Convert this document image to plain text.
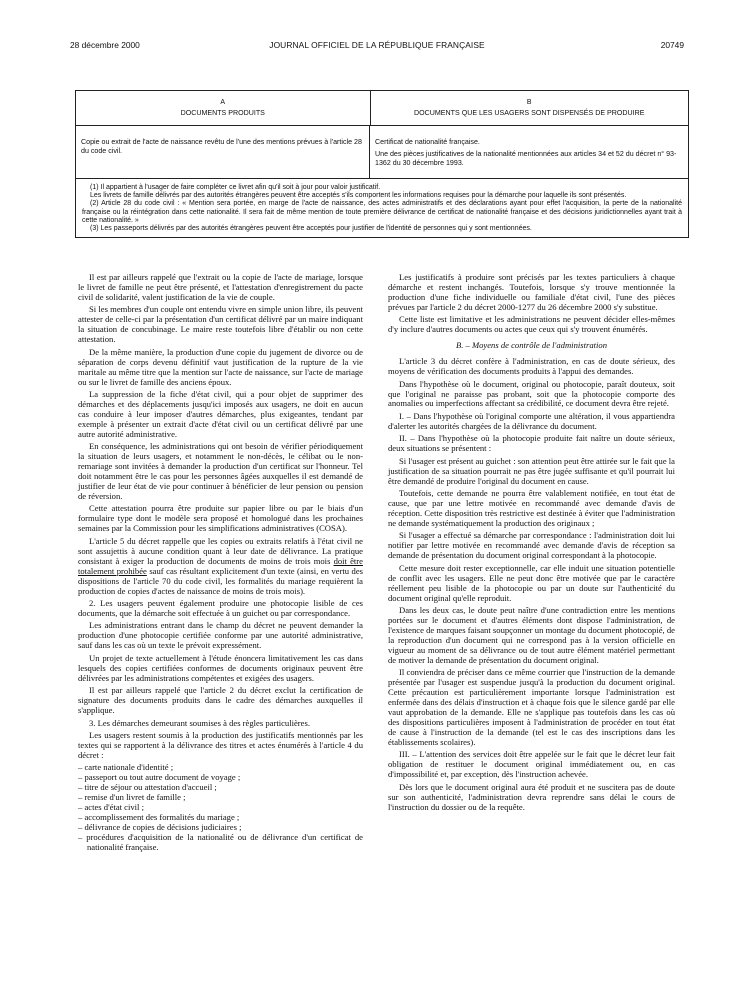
28 décembre 2000	JOURNAL OFFICIEL DE LA RÉPUBLIQUE FRANÇAISE	20749
A
DOCUMENTS PRODUITS
B
DOCUMENTS QUE LES USAGERS SONT DISPENSÉS DE PRODUIRE

Copie ou extrait de l'acte de naissance revêtu de l'une des mentions prévues à l'article 28 du code civil.

Certificat de nationalité française.

Une des pièces justificatives de la nationalité mentionnées aux articles 34 et 52 du décret n° 93-1362 du 30 décembre 1993.

(1) Il appartient à l'usager de faire compléter ce livret afin qu'il soit à jour pour valoir justificatif.

Les livrets de famille délivrés par des autorités étrangères peuvent être acceptés s'ils comportent les informations requises pour la démarche pour laquelle ils sont présentés.

(2) Article 28 du code civil : « Mention sera portée, en marge de l'acte de naissance, des actes administratifs et des déclarations ayant pour effet l'acquisition, la perte de la nationalité française ou la réintégration dans cette nationalité. Il sera fait de même mention de toute première délivrance de certificat de nationalité française et des décisions juridictionnelles ayant trait à cette nationalité. »

(3) Les passeports délivrés par des autorités étrangères peuvent être acceptés pour justifier de l'identité de personnes qui y sont mentionnées.

Il est par ailleurs rappelé que l'extrait ou la copie de l'acte de mariage, lorsque le livret de famille ne peut être présenté, et l'attestation d'enregistrement du pacte civil de solidarité, valent justification de la vie de couple.

Si les membres d'un couple ont entendu vivre en simple union libre, ils peuvent attester de celle-ci par la présentation d'un certificat délivré par un maire indiquant la situation de concubinage. Le maire reste toutefois libre d'établir ou non cette attestation.

De la même manière, la production d'une copie du jugement de divorce ou de séparation de corps devenu définitif vaut justification de la rupture de la vie maritale au même titre que la mention sur l'acte de naissance, sur l'acte de mariage ou sur le livret de famille des anciens époux.

La suppression de la fiche d'état civil, qui a pour objet de supprimer des démarches et des déplacements jusqu'ici imposés aux usagers, ne doit en aucun cas conduire à leur imposer d'autres démarches, plus exigeantes, tendant par exemple à présenter un extrait d'acte d'état civil ou un certificat délivré par une autre autorité administrative.

En conséquence, les administrations qui ont besoin de vérifier périodiquement la situation de leurs usagers, et notamment le non-décès, le célibat ou le non-remariage sont invitées à demander la production d'un certificat sur l'honneur. Tel doit notamment être le cas pour les personnes âgées auxquelles il est demandé de justifier de leur état de vie pour continuer à bénéficier de leur pension ou pension de réversion.

Cette attestation pourra être produite sur papier libre ou par le biais d'un formulaire type dont le modèle sera proposé et homologué dans les prochaines semaines par la Commission pour les simplifications administratives (COSA).

L'article 5 du décret rappelle que les copies ou extraits relatifs à l'état civil ne sont assujettis à aucune condition quant à leur date de délivrance. La pratique consistant à exiger la production de documents de moins de trois mois doit être totalement prohibée sauf cas résultant explicitement d'un texte (ainsi, en vertu des dispositions de l'article 70 du code civil, les formalités du mariage requièrent la production de copies d'actes de naissance de moins de trois mois).

2. Les usagers peuvent également produire une photocopie lisible de ces documents, que la démarche soit effectuée à un guichet ou par correspondance.

Les administrations entrant dans le champ du décret ne peuvent demander la production d'une photocopie certifiée conforme par une autorité administrative, sauf dans les cas où un texte le prévoit expressément.

Un projet de texte actuellement à l'étude énoncera limitativement les cas dans lesquels des copies certifiées conformes de documents originaux peuvent être délivrées par les administrations compétentes et exigées des usagers.

Il est par ailleurs rappelé que l'article 2 du décret exclut la certification de signature des documents produits dans le cadre des démarches auxquelles il s'applique.

3. Les démarches demeurant soumises à des règles particulières.

Les usagers restent soumis à la production des justificatifs mentionnés par les textes qui se rapportent à la délivrance des titres et actes énumérés à l'article 4 du décret :

– carte nationale d'identité ;
– passeport ou tout autre document de voyage ;
– titre de séjour ou attestation d'accueil ;
– remise d'un livret de famille ;
– actes d'état civil ;
– accomplissement des formalités du mariage ;
– délivrance de copies de décisions judiciaires ;
– procédures d'acquisition de la nationalité ou de délivrance d'un certificat de nationalité française.

Les justificatifs à produire sont précisés par les textes particuliers à chaque démarche et restent inchangés. Toutefois, lorsque s'y trouve mentionnée la production d'une fiche individuelle ou familiale d'état civil, l'une des pièces prévues par l'article 2 du décret 2000-1277 du 26 décembre 2000 s'y substitue.

Cette liste est limitative et les administrations ne peuvent décider elles-mêmes d'y inclure d'autres documents ou actes que ceux qui s'y trouvent énumérés.

B. – Moyens de contrôle de l'administration

L'article 3 du décret confère à l'administration, en cas de doute sérieux, des moyens de vérification des documents produits à l'appui des demandes.

Dans l'hypothèse où le document, original ou photocopie, paraît douteux, soit que l'original ne paraisse pas probant, soit que la photocopie comporte des anomalies ou imperfections affectant sa crédibilité, ce document devra être rejeté.

I. – Dans l'hypothèse où l'original comporte une altération, il vous appartiendra d'alerter les autorités chargées de la délivrance du document.

II. – Dans l'hypothèse où la photocopie produite fait naître un doute sérieux, deux situations se présentent :

Si l'usager est présent au guichet : son attention peut être attirée sur le fait que la justification de sa situation pourrait ne pas être jugée suffisante et qu'il pourrait lui être demandé de produire l'original du document en cause.

Toutefois, cette demande ne pourra être valablement notifiée, en tout état de cause, que par une lettre motivée en recommandé avec demande d'avis de réception. Cette disposition très restrictive est destinée à éviter que l'administration ne demande systématiquement la production des originaux ;

Si l'usager a effectué sa démarche par correspondance : l'administration doit lui notifier par lettre motivée en recommandé avec demande d'avis de réception sa demande de présentation du document original correspondant à la photocopie.

Cette mesure doit rester exceptionnelle, car elle induit une situation potentielle de conflit avec les usagers. Elle ne peut donc être motivée que par le caractère réellement peu lisible de la photocopie ou par un doute sur l'authenticité du document original qu'elle reproduit.

Dans les deux cas, le doute peut naître d'une contradiction entre les mentions portées sur le document et d'autres éléments dont dispose l'administration, de l'existence de marques faisant soupçonner un montage du document photocopié, de la reproduction d'un document qui ne correspond pas à la version officielle en vigueur au moment de sa délivrance ou de tout autre élément matériel permettant de motiver la demande de présentation du document original.

Il conviendra de préciser dans ce même courrier que l'instruction de la demande présentée par l'usager est suspendue jusqu'à la production du document original. Cette précaution est particulièrement importante lorsque l'administration est enfermée dans des délais d'instruction et à chaque fois que le silence gardé par elle vaut approbation de la demande. Elle ne s'applique pas toutefois dans les cas où des dispositions particulières imposent à l'administration de procéder en tout état de cause à l'instruction de la demande (tel est le cas des inscriptions dans les établissements scolaires).

III. – L'attention des services doit être appelée sur le fait que le décret leur fait obligation de restituer le document original immédiatement ou, en cas d'impossibilité et, par exception, dès l'instruction achevée.

Dès lors que le document original aura été produit et ne suscitera pas de doute sur son authenticité, l'administration devra reprendre sans délai le cours de l'instruction du dossier ou de la requête.
